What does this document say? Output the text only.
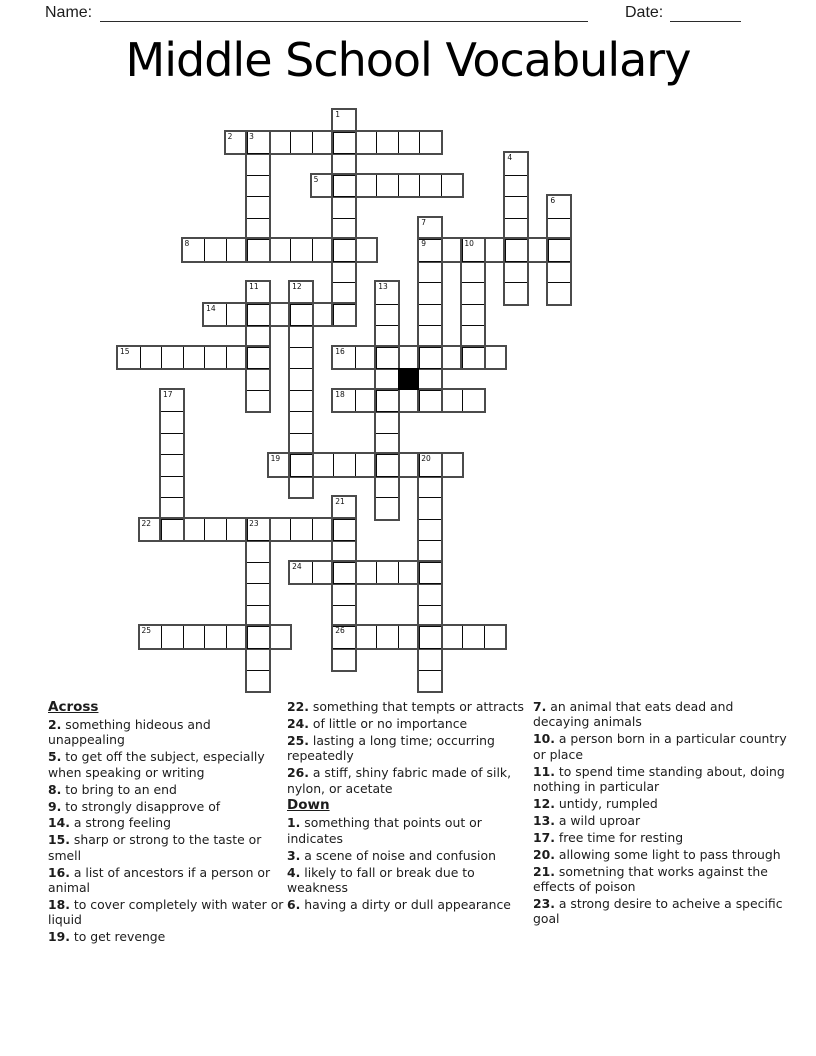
Name:	Date:
Middle School Vocabulary
2
5
8	9
14
15	16
18
19
22
24
25	26
1
3
4
6
7
10
11	12	13
17
20
21
23
Across

2. something hideous and unappealing

5. to get off the subject, especially when speaking or writing

8. to bring to an end

9. to strongly disapprove of

14. a strong feeling

15. sharp or strong to the taste or smell

16. a list of ancestors if a person or animal

18. to cover completely with water or liquid

19. to get revenge

22. something that tempts or attracts

24. of little or no importance

25. lasting a long time; occurring repeatedly

26. a stiff, shiny fabric made of silk, nylon, or acetate

Down

1. something that points out or indicates

3. a scene of noise and confusion

4. likely to fall or break due to weakness

6. having a dirty or dull appearance

7. an animal that eats dead and decaying animals

10. a person born in a particular country or place

11. to spend time standing about, doing nothing in particular

12. untidy, rumpled

13. a wild uproar

17. free time for resting

20. allowing some light to pass through

21. sometning that works against the effects of poison

23. a strong desire to acheive a specific goal
